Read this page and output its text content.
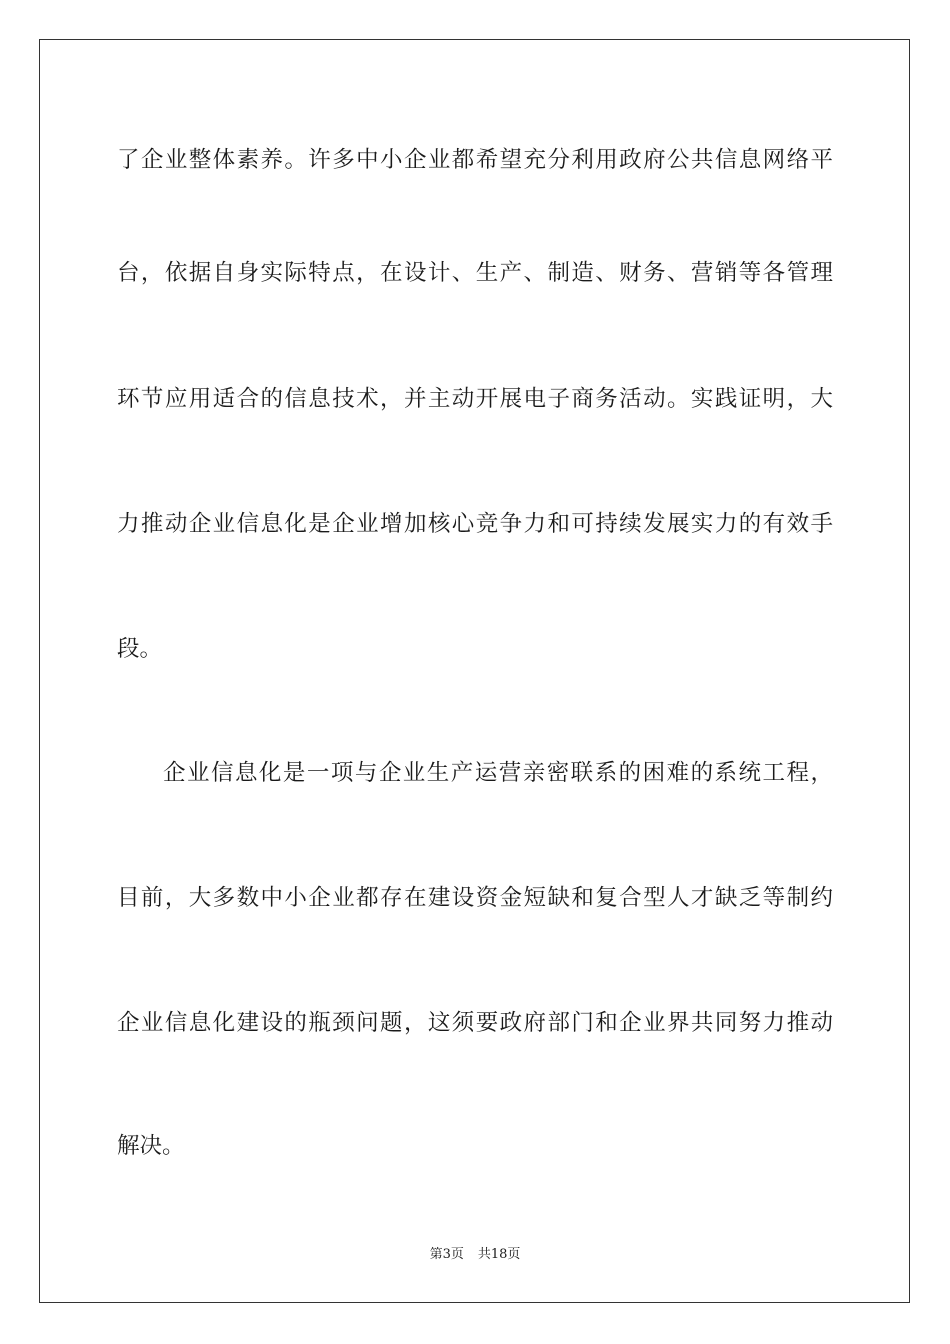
了企业整体素养。许多中小企业都希望充分利用政府公共信息网络平
台，依据自身实际特点，在设计、生产、制造、财务、营销等各管理
环节应用适合的信息技术，并主动开展电子商务活动。实践证明，大
力推动企业信息化是企业增加核心竞争力和可持续发展实力的有效手
段。
企业信息化是一项与企业生产运营亲密联系的困难的系统工程，
目前，大多数中小企业都存在建设资金短缺和复合型人才缺乏等制约
企业信息化建设的瓶颈问题，这须要政府部门和企业界共同努力推动
解决。
第3页 共18页
